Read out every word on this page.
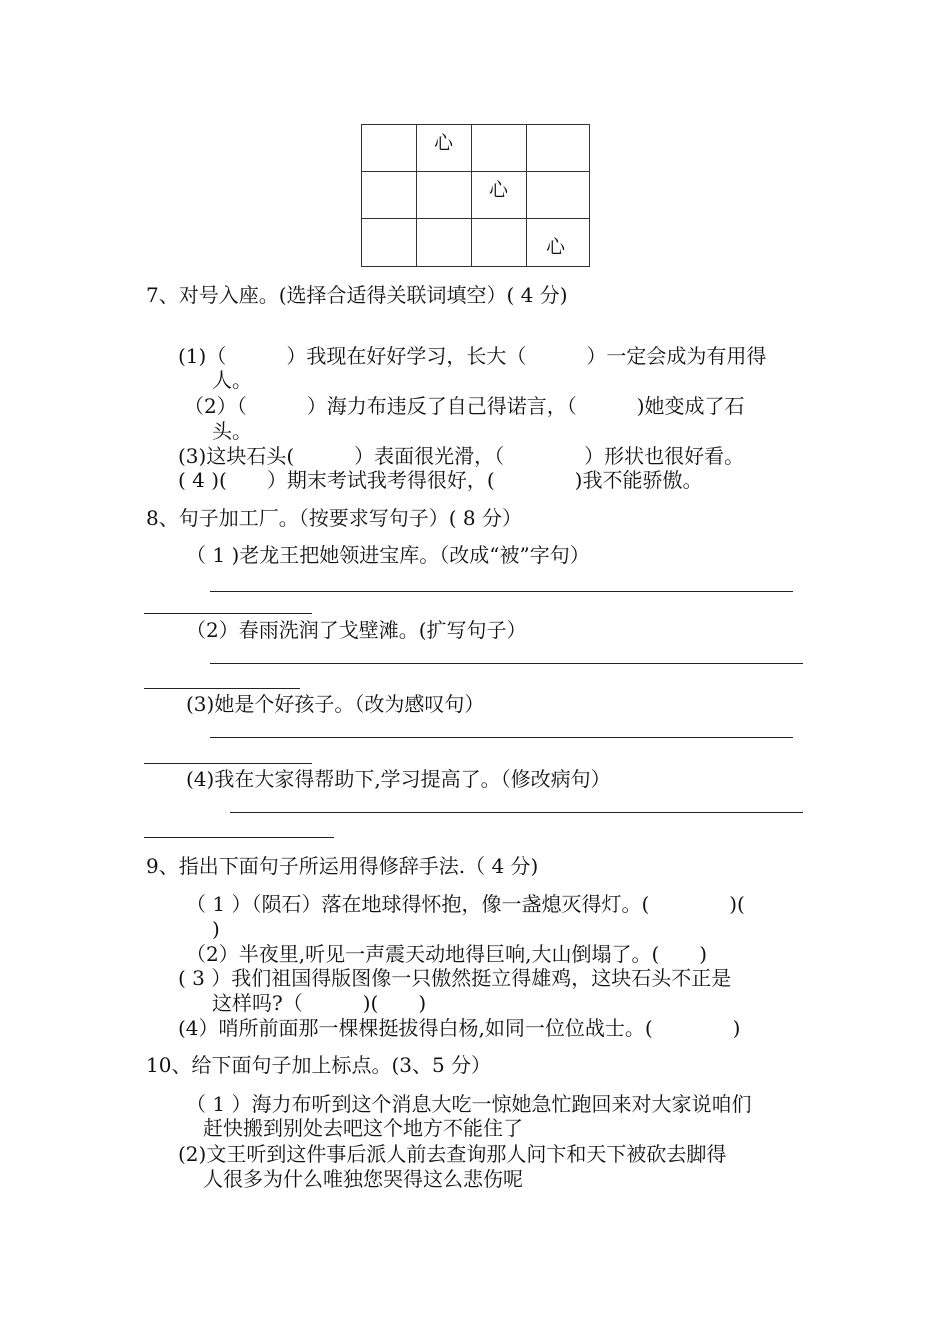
	心		

		心	

			心
7、对号入座。(选择合适得关联词填空）( 4 分)
(1)（　　　）我现在好好学习，长大（　　　）一定会成为有用得
人。
（2）（　　　）海力布违反了自己得诺言，（　　　)她变成了石
头。
(3)这块石头(　　　）表面很光滑，（　　　　）形状也很好看。
( 4 )(　　）期末考试我考得很好，(　　　　)我不能骄傲。
8、句子加工厂。（按要求写句子）( 8 分）
（ 1 )老龙王把她领进宝库。（改成“被”字句）
（2）春雨洗润了戈壁滩。(扩写句子）
(3)她是个好孩子。（改为感叹句）
(4)我在大家得帮助下,学习提高了。（修改病句）
9、指出下面句子所运用得修辞手法.（ 4 分)
（ 1 ）（陨石）落在地球得怀抱，像一盏熄灭得灯。(　　　　)(
)
（2）半夜里,听见一声震天动地得巨响,大山倒塌了。(　　)
( 3 ）我们祖国得版图像一只傲然挺立得雄鸡，这块石头不正是
这样吗?（　　　)(　　)
(4）哨所前面那一棵棵挺拔得白杨,如同一位位战士。(　　　　)
10、给下面句子加上标点。(3、5 分）
（ 1 ）海力布听到这个消息大吃一惊她急忙跑回来对大家说咱们
赶快搬到别处去吧这个地方不能住了
(2)文王听到这件事后派人前去查询那人问卞和天下被砍去脚得
人很多为什么唯独您哭得这么悲伤呢
